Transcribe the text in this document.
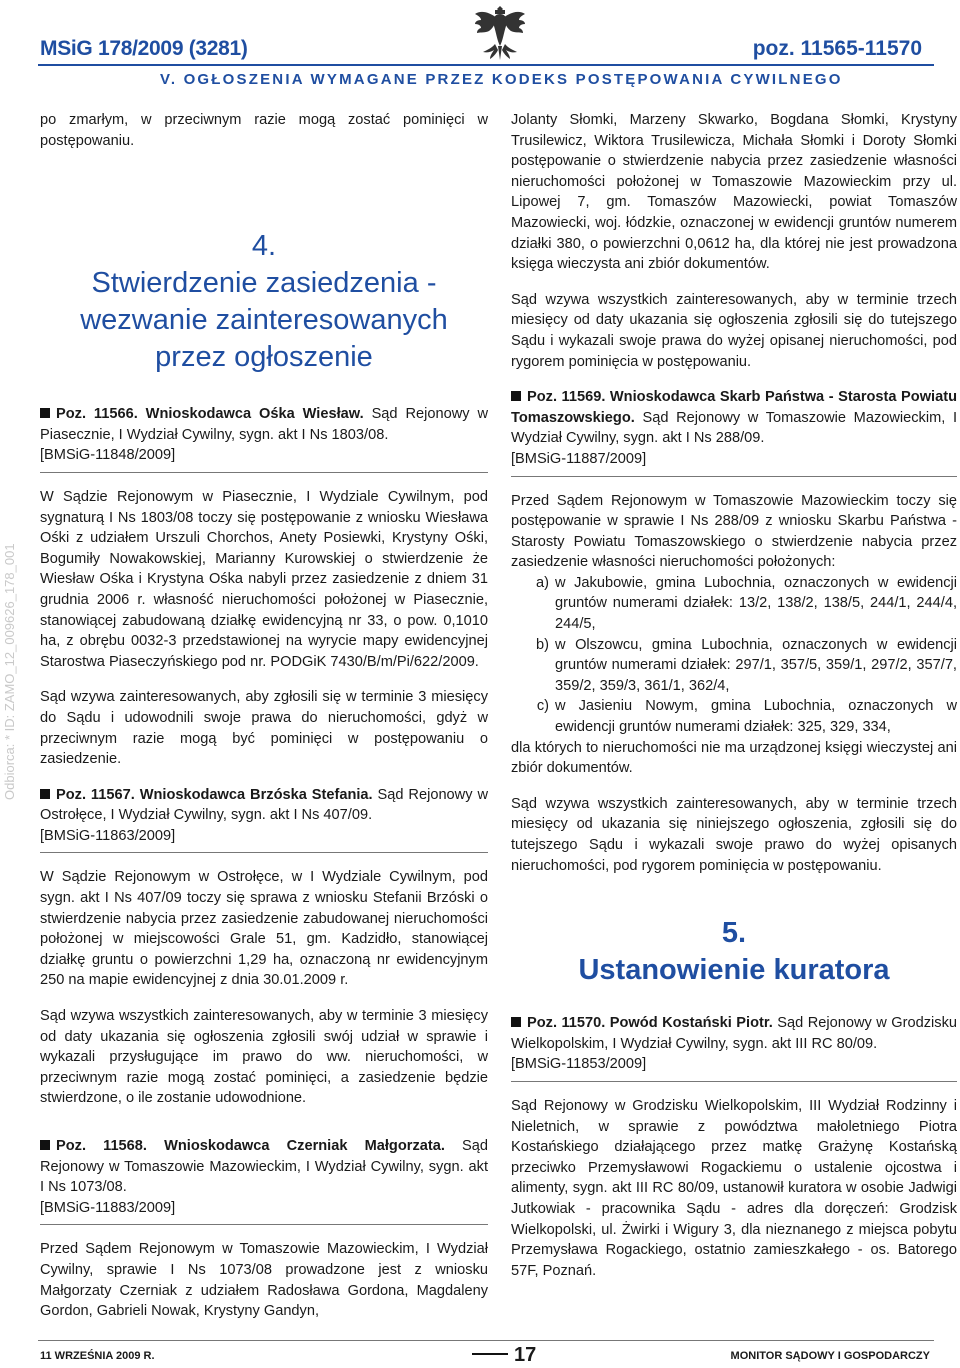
MSiG 178/2009 (3281)	poz. 11565-11570
V. OGŁOSZENIA WYMAGANE PRZEZ KODEKS POSTĘPOWANIA CYWILNEGO
Odbiorca: * ID: ZAMO_12_009626_178_001

po zmarłym, w przeciwnym razie mogą zostać pominięci w postępowaniu.

4.
Stwierdzenie zasiedzenia -
wezwanie zainteresowanych
przez ogłoszenie
Poz. 11566. Wnioskodawca Ośka Wiesław. Sąd Rejonowy w Piasecznie, I Wydział Cywilny, sygn. akt I Ns 1803/08.
[BMSiG-11848/2009]

W Sądzie Rejonowym w Piasecznie, I Wydziale Cywilnym, pod sygnaturą I Ns 1803/08 toczy się postępowanie z wniosku Wiesława Ośki z udziałem Urszuli Chorchos, Anety Posiewki, Krystyny Ośki, Bogumiły Nowakowskiej, Marianny Kurowskiej o stwierdzenie że Wiesław Ośka i Krystyna Ośka nabyli przez zasiedzenie z dniem 31 grudnia 2006 r. własność nieruchomości położonej w Piasecznie, stanowiącej zabudowaną działkę ewidencyjną nr 33, o pow. 0,1010 ha, z obrębu 0032-3 przedstawionej na wyrycie mapy ewidencyjnej Starostwa Piaseczyńskiego pod nr. PODGiK 7430/B/m/Pi/622/2009.

Sąd wzywa zainteresowanych, aby zgłosili się w terminie 3 miesięcy do Sądu i udowodnili swoje prawa do nieruchomości, gdyż w przeciwnym razie mogą być pominięci w postępowaniu o zasiedzenie.

Poz. 11567. Wnioskodawca Brzóska Stefania. Sąd Rejonowy w Ostrołęce, I Wydział Cywilny, sygn. akt I Ns 407/09.
[BMSiG-11863/2009]

W Sądzie Rejonowym w Ostrołęce, w I Wydziale Cywilnym, pod sygn. akt I Ns 407/09 toczy się sprawa z wniosku Stefanii Brzóski o stwierdzenie nabycia przez zasiedzenie zabudowanej nieruchomości położonej w miejscowości Grale 51, gm. Kadzidło, stanowiącej działkę gruntu o powierzchni 1,29 ha, oznaczoną nr ewidencyjnym 250 na mapie ewidencyjnej z dnia 30.01.2009 r.

Sąd wzywa wszystkich zainteresowanych, aby w terminie 3 miesięcy od daty ukazania się ogłoszenia zgłosili swój udział w sprawie i wykazali przysługujące im prawo do ww. nieruchomości, w przeciwnym razie mogą zostać pominięci, a zasiedzenie będzie stwierdzone, o ile zostanie udowodnione.

Poz. 11568. Wnioskodawca Czerniak Małgorzata. Sąd Rejonowy w Tomaszowie Mazowieckim, I Wydział Cywilny, sygn. akt I Ns 1073/08.
[BMSiG-11883/2009]

Przed Sądem Rejonowym w Tomaszowie Mazowieckim, I Wydział Cywilny, sprawie I Ns 1073/08 prowadzone jest z wniosku Małgorzaty Czerniak z udziałem Radosława Gordona, Magdaleny Gordon, Gabrieli Nowak, Krystyny Gandyn,

Jolanty Słomki, Marzeny Skwarko, Bogdana Słomki, Krystyny Trusilewicz, Wiktora Trusilewicza, Michała Słomki i Doroty Słomki postępowanie o stwierdzenie nabycia przez zasiedzenie własności nieruchomości położonej w Tomaszowie Mazowieckim przy ul. Lipowej 7, gm. Tomaszów Mazowiecki, powiat Tomaszów Mazowiecki, woj. łódzkie, oznaczonej w ewidencji gruntów numerem działki 380, o powierzchni 0,0612 ha, dla której nie jest prowadzona księga wieczysta ani zbiór dokumentów.

Sąd wzywa wszystkich zainteresowanych, aby w terminie trzech miesięcy od daty ukazania się ogłoszenia zgłosili się do tutejszego Sądu i wykazali swoje prawa do wyżej opisanej nieruchomości, pod rygorem pominięcia w postępowaniu.

Poz. 11569. Wnioskodawca Skarb Państwa - Starosta Powiatu Tomaszowskiego. Sąd Rejonowy w Tomaszowie Mazowieckim, I Wydział Cywilny, sygn. akt I Ns 288/09.
[BMSiG-11887/2009]

Przed Sądem Rejonowym w Tomaszowie Mazowieckim toczy się postępowanie w sprawie I Ns 288/09 z wniosku Skarbu Państwa - Starosty Powiatu Tomaszowskiego o stwierdzenie nabycia przez zasiedzenie własności nieruchomości położonych:

a) w Jakubowie, gmina Lubochnia, oznaczonych w ewidencji gruntów numerami działek: 13/2, 138/2, 138/5, 244/1, 244/4, 244/5,
b) w Olszowcu, gmina Lubochnia, oznaczonych w ewidencji gruntów numerami działek: 297/1, 357/5, 359/1, 297/2, 357/7, 359/2, 359/3, 361/1, 362/4,
c) w Jasieniu Nowym, gmina Lubochnia, oznaczonych w ewidencji gruntów numerami działek: 325, 329, 334,

dla których to nieruchomości nie ma urządzonej księgi wieczystej ani zbiór dokumentów.

Sąd wzywa wszystkich zainteresowanych, aby w terminie trzech miesięcy od ukazania się niniejszego ogłoszenia, zgłosili się do tutejszego Sądu i wykazali swoje prawo do wyżej opisanych nieruchomości, pod rygorem pominięcia w postępowaniu.

5.
Ustanowienie kuratora
Poz. 11570. Powód Kostański Piotr. Sąd Rejonowy w Grodzisku Wielkopolskim, I Wydział Cywilny, sygn. akt III RC 80/09.
[BMSiG-11853/2009]

Sąd Rejonowy w Grodzisku Wielkopolskim, III Wydział Rodzinny i Nieletnich, w sprawie z powództwa małoletniego Piotra Kostańskiego działającego przez matkę Grażynę Kostańską przeciwko Przemysławowi Rogackiemu o ustalenie ojcostwa i alimenty, sygn. akt III RC 80/09, ustanowił kuratora w osobie Jadwigi Jutkowiak - pracownika Sądu - adres dla doręczeń: Grodzisk Wielkopolski, ul. Żwirki i Wigury 3, dla nieznanego z miejsca pobytu Przemysława Rogackiego, ostatnio zamieszkałego - os. Batorego 57F, Poznań.

11 WRZEŚNIA 2009 R.	17	MONITOR SĄDOWY I GOSPODARCZY
